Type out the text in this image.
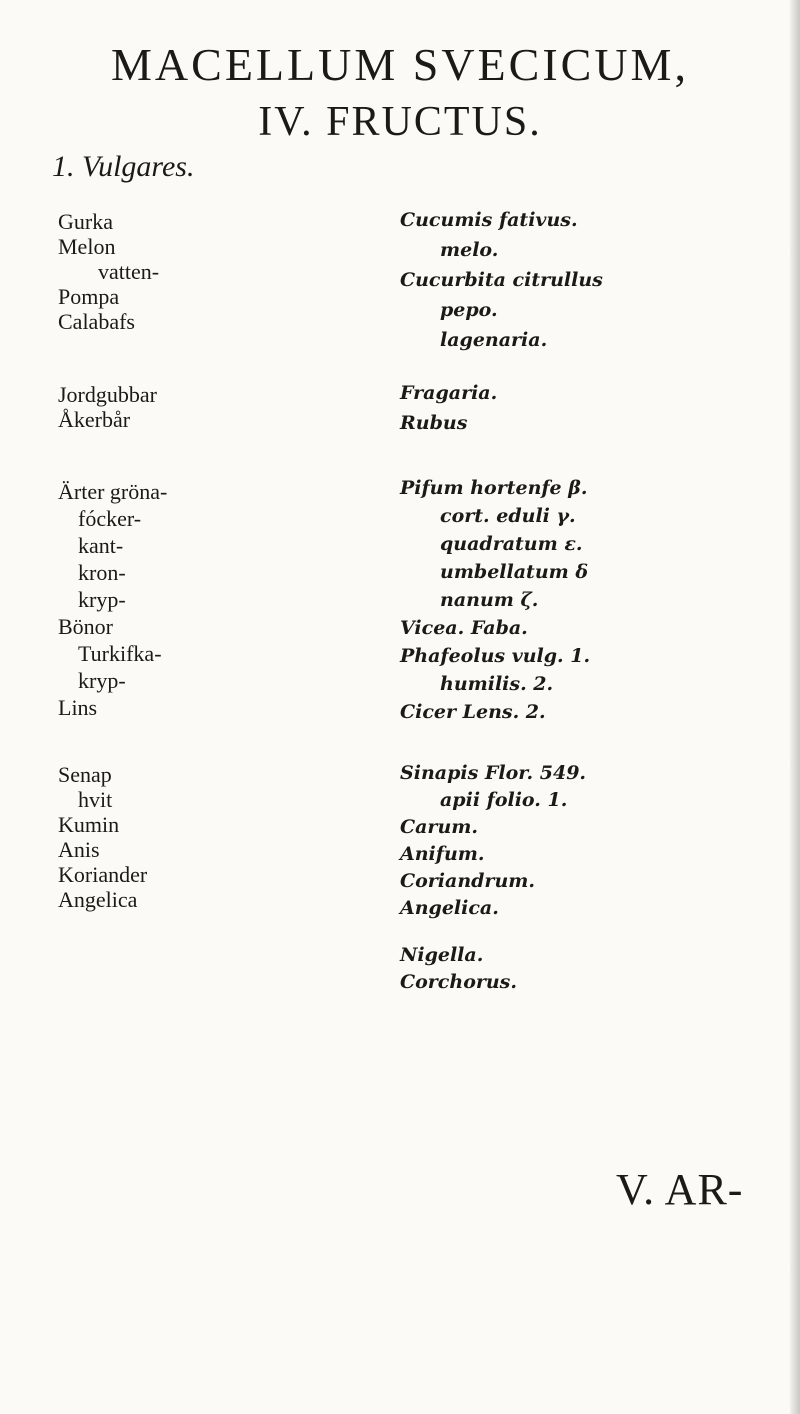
MACELLUM SVECICUM,
IV. FRUCTUS.
1. Vulgares.
Gurka
Melon
vatten-
Pompa
Calabafs
Cucumis fativus.
melo.
Cucurbita citrullus
pepo.
lagenaria.
Jordgubbar
Åkerbår
Fragaria.
Rubus
Ärter gröna-
fócker-
kant-
kron-
kryp-
Bönor
Turkifka-
kryp-
Lins
Pifum hortenfe β.
cort. eduli γ.
quadratum ε.
umbellatum δ
nanum ζ.
Vicea. Faba.
Phafeolus vulg. 1.
humilis. 2.
Cicer Lens. 2.
Senap
hvit
Kumin
Anis
Koriander
Angelica
Sinapis Flor. 549.
apii folio. 1.
Carum.
Anifum.
Coriandrum.
Angelica.
Nigella.
Corchorus.
V. AR-
